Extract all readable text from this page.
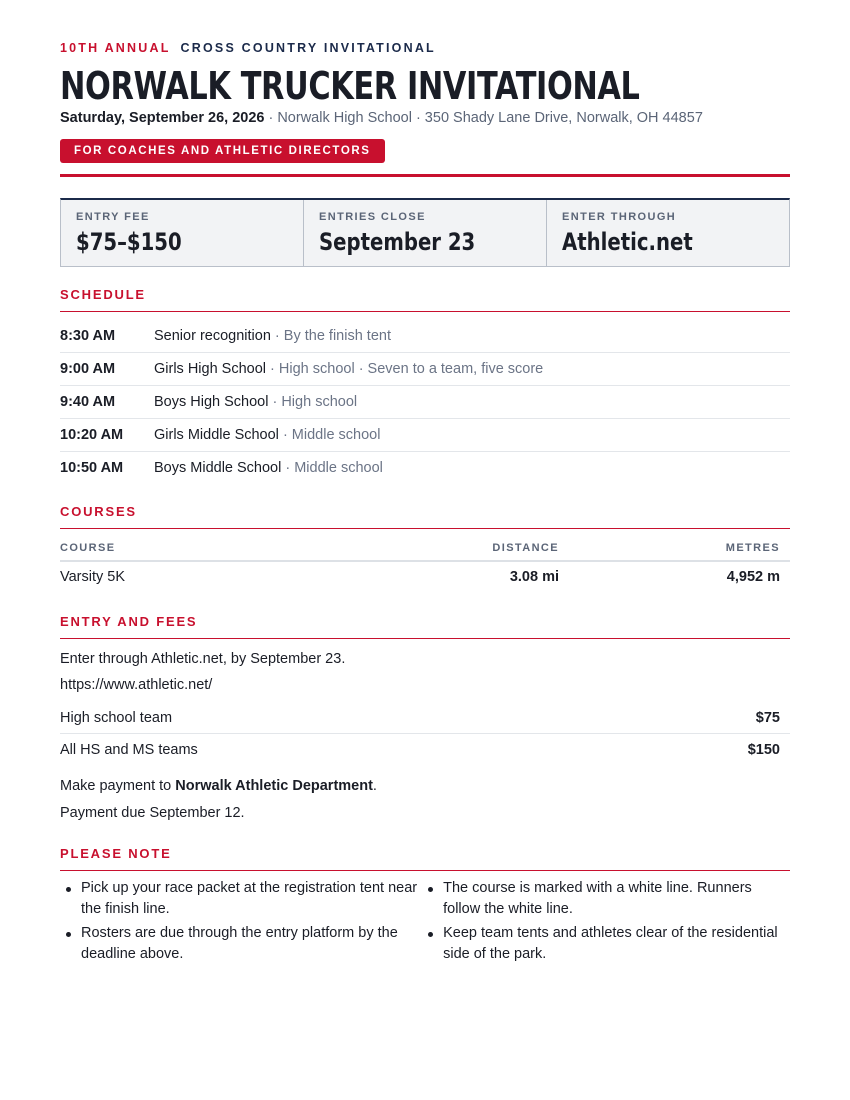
10TH ANNUAL CROSS COUNTRY INVITATIONAL
NORWALK TRUCKER INVITATIONAL
Saturday, September 26, 2026 · Norwalk High School · 350 Shady Lane Drive, Norwalk, OH 44857
FOR COACHES AND ATHLETIC DIRECTORS
ENTRY FEE
$75–$150
ENTRIES CLOSE
September 23
ENTER THROUGH
Athletic.net
SCHEDULE
8:30 AM	Senior recognition · By the finish tent
9:00 AM	Girls High School · High school · Seven to a team, five score
9:40 AM	Boys High School · High school
10:20 AM	Girls Middle School · Middle school
10:50 AM	Boys Middle School · Middle school
COURSES
COURSE	DISTANCE	METRES
Varsity 5K	3.08 mi	4,952 m
ENTRY AND FEES
Enter through Athletic.net, by September 23.
https://www.athletic.net/
High school team	$75
All HS and MS teams	$150
Make payment to Norwalk Athletic Department.
Payment due September 12.
PLEASE NOTE
Pick up your race packet at the registration tent near the finish line.
Rosters are due through the entry platform by the deadline above.
The course is marked with a white line. Runners follow the white line.
Keep team tents and athletes clear of the residential side of the park.
